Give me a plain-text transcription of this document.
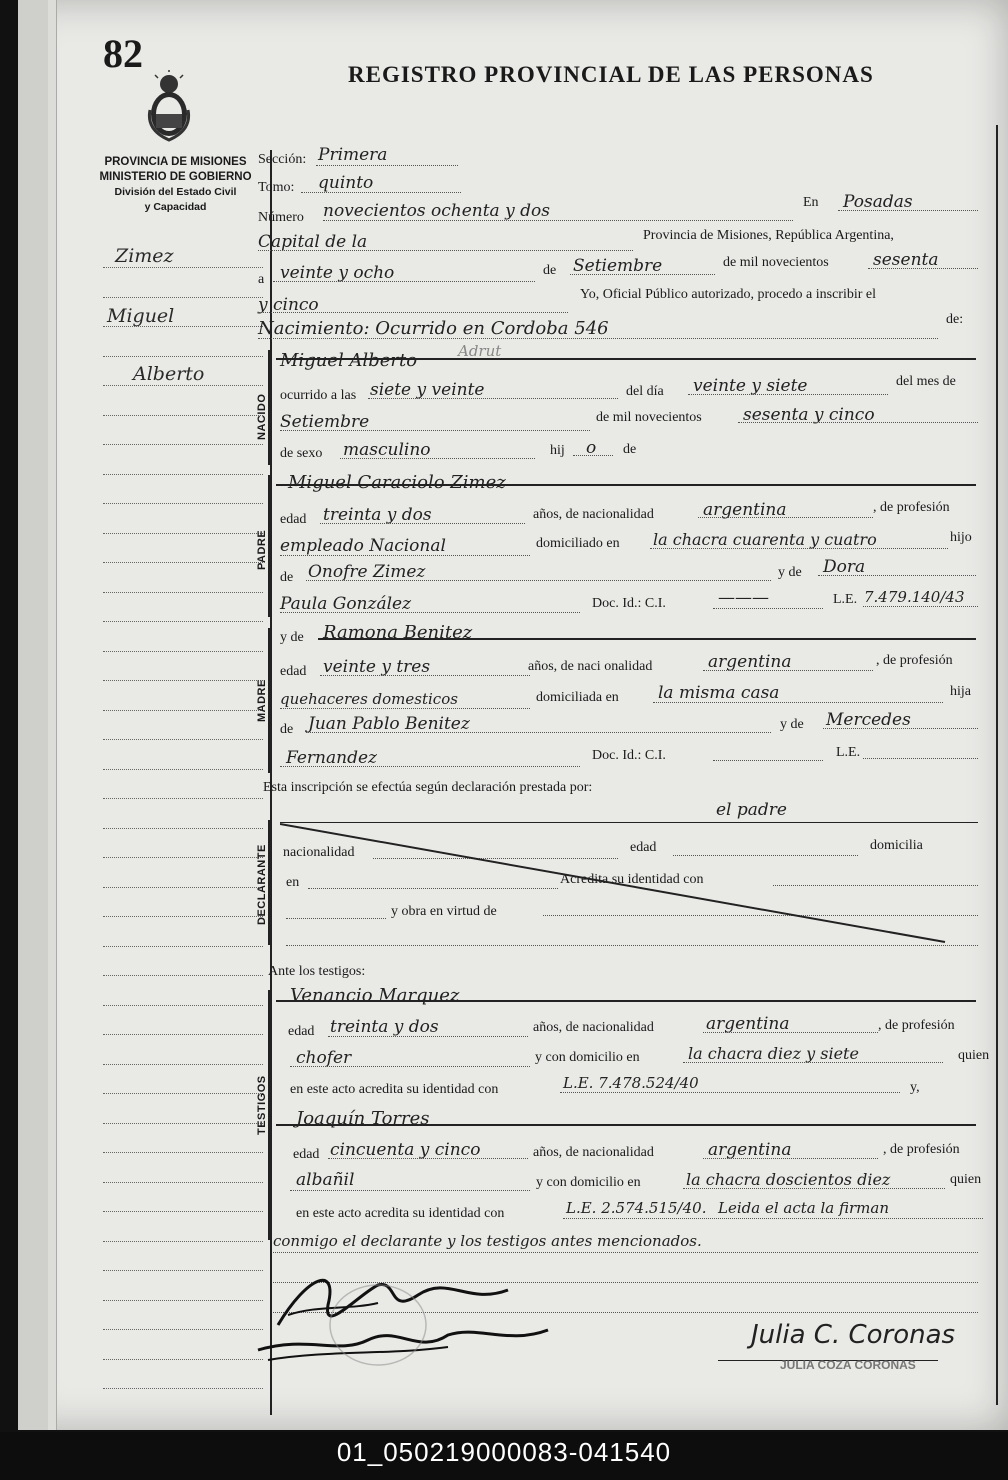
82	REGISTRO PROVINCIAL DE LAS PERSONAS
PROVINCIA DE MISIONES
MINISTERIO DE GOBIERNO
División del Estado Civil
y Capacidad
Zimez
Miguel
Alberto
Sección: Primera
Tomo: quinto
Número novecientos ochenta y dos	En Posadas
Capital de la	Provincia de Misiones, República Argentina,
a veinte y ocho	de Setiembre	de mil novecientos	sesenta
y cinco
Yo, Oficial Público autorizado, procedo a inscribir el
Nacimiento: Ocurrido en Cordoba 546	de:
NACIDO
Miguel Alberto	Adrut
ocurrido a las siete y veinte	del día veinte y siete	del mes de
Setiembre	de mil novecientos sesenta y cinco
de sexo masculino	hij o de
PADRE
Miguel Caraciolo Zimez
edad treinta y dos	años, de nacionalidad	argentina	, de profesión
empleado Nacional	domiciliado en la chacra cuarenta y cuatro	hijo
de Onofre Zimez	y de Dora
Paula González	Doc. Id.: C.I.	———	L.E. 7.479.140/43
MADRE
y de Ramona Benitez
edad veinte y tres	años, de naci onalidad	argentina	, de profesión
quehaceres domesticos	domiciliada en la misma casa	hija
de Juan Pablo Benitez	y de Mercedes
Fernandez	Doc. Id.: C.I.	L.E.
Esta inscripción se efectúa según declaración prestada por:
el padre
DECLARANTE nacionalidad	edad	domicilia
en	Acredita su identidad con
y obra en virtud de
Ante los testigos:
TESTIGOS
Venancio Marquez
edad treinta y dos	años, de nacionalidad	argentina	, de profesión
chofer	y con domicilio en	la chacra diez y siete	quien
en este acto acredita su identidad con	L.E. 7.478.524/40	y,
Joaquín Torres
edad cincuenta y cinco	años, de nacionalidad	argentina	, de profesión
albañil	y con domicilio en	la chacra doscientos diez	quien
en este acto acredita su identidad con	L.E. 2.574.515/40. Leida el acta la firman
conmigo el declarante y los testigos antes mencionados.
Julia C. Coronas
JULIA COZA CORONAS
01_050219000083-041540
